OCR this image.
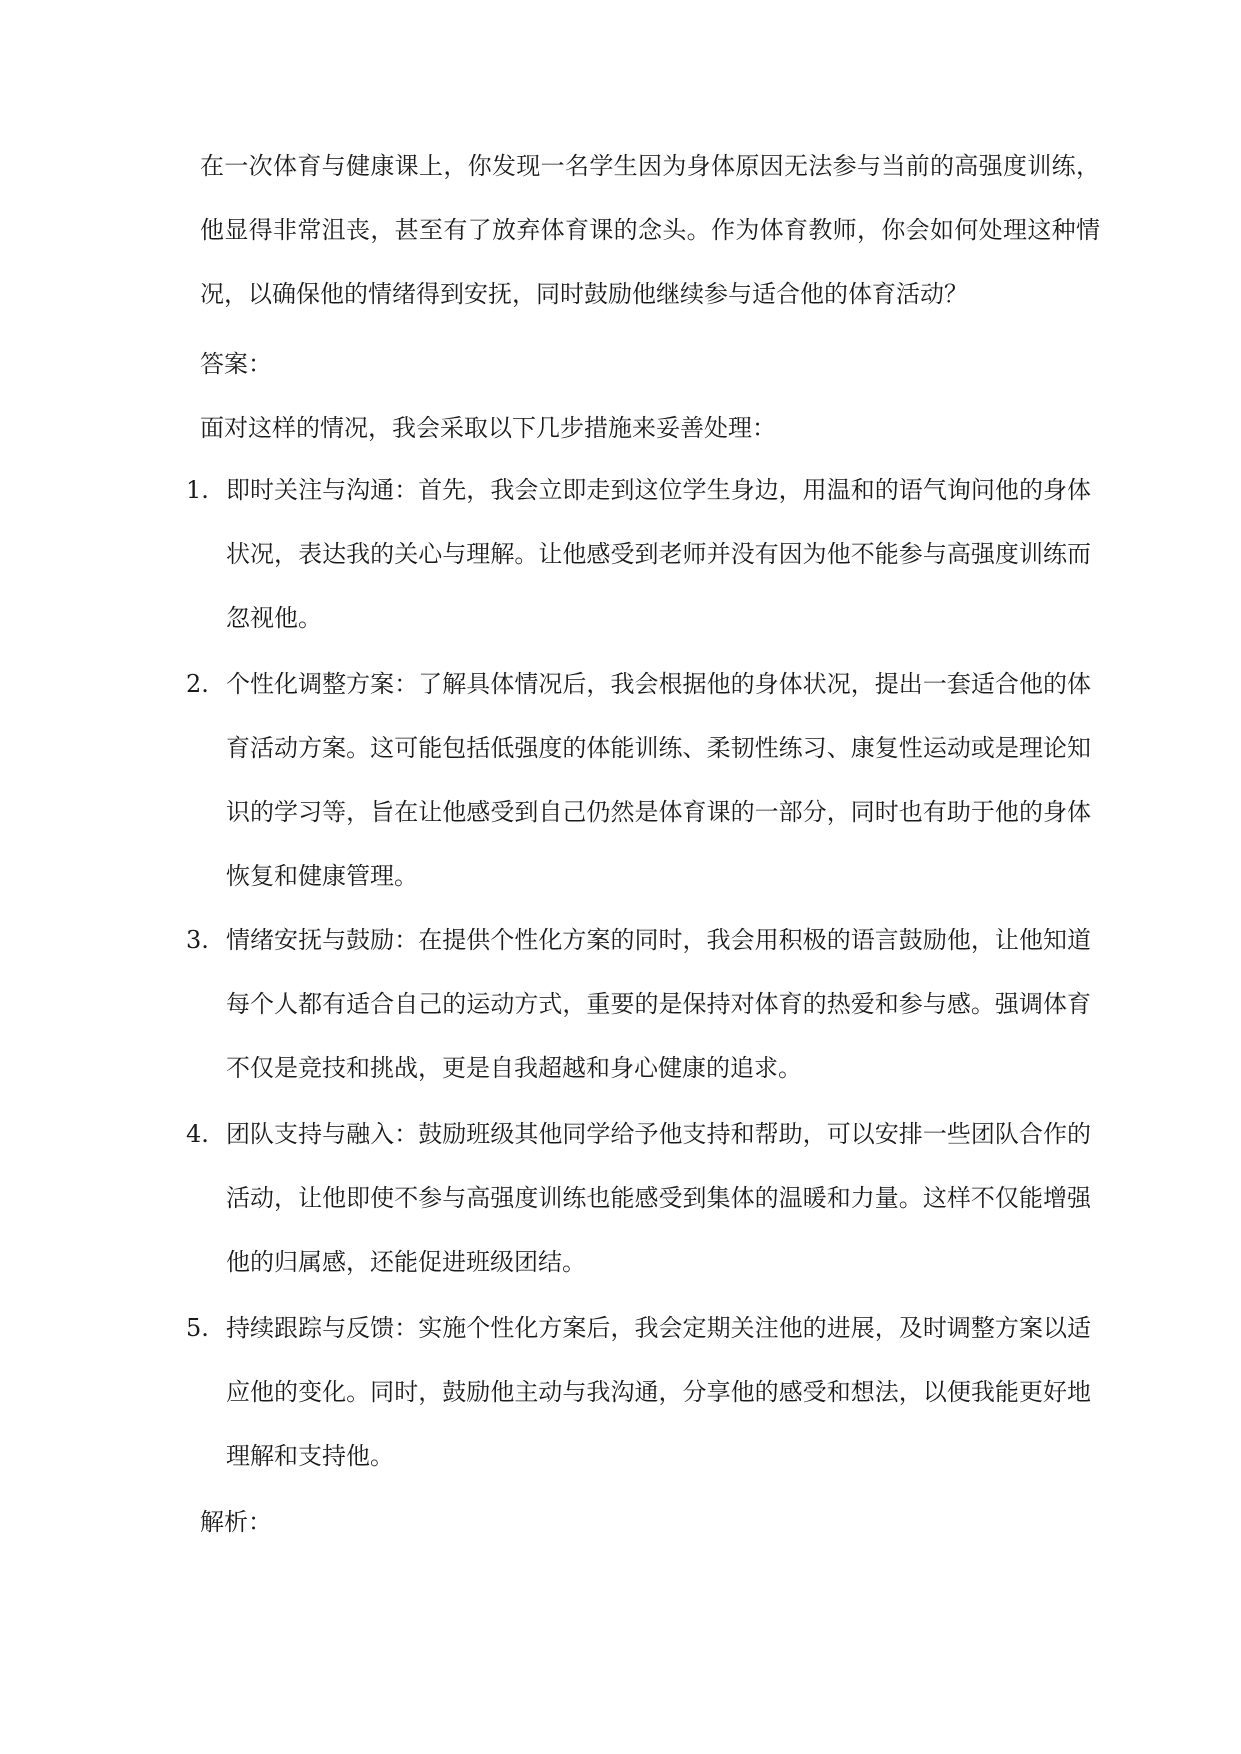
在一次体育与健康课上，你发现一名学生因为身体原因无法参与当前的高强度训练，他显得非常沮丧，甚至有了放弃体育课的念头。作为体育教师，你会如何处理这种情况，以确保他的情绪得到安抚，同时鼓励他继续参与适合他的体育活动？

答案：

面对这样的情况，我会采取以下几步措施来妥善处理：

1. 即时关注与沟通：首先，我会立即走到这位学生身边，用温和的语气询问他的身体状况，表达我的关心与理解。让他感受到老师并没有因为他不能参与高强度训练而忽视他。
2. 个性化调整方案：了解具体情况后，我会根据他的身体状况，提出一套适合他的体育活动方案。这可能包括低强度的体能训练、柔韧性练习、康复性运动或是理论知识的学习等，旨在让他感受到自己仍然是体育课的一部分，同时也有助于他的身体恢复和健康管理。
3. 情绪安抚与鼓励：在提供个性化方案的同时，我会用积极的语言鼓励他，让他知道每个人都有适合自己的运动方式，重要的是保持对体育的热爱和参与感。强调体育不仅是竞技和挑战，更是自我超越和身心健康的追求。
4. 团队支持与融入：鼓励班级其他同学给予他支持和帮助，可以安排一些团队合作的活动，让他即使不参与高强度训练也能感受到集体的温暖和力量。这样不仅能增强他的归属感，还能促进班级团结。
5. 持续跟踪与反馈：实施个性化方案后，我会定期关注他的进展，及时调整方案以适应他的变化。同时，鼓励他主动与我沟通，分享他的感受和想法，以便我能更好地理解和支持他。

解析：
